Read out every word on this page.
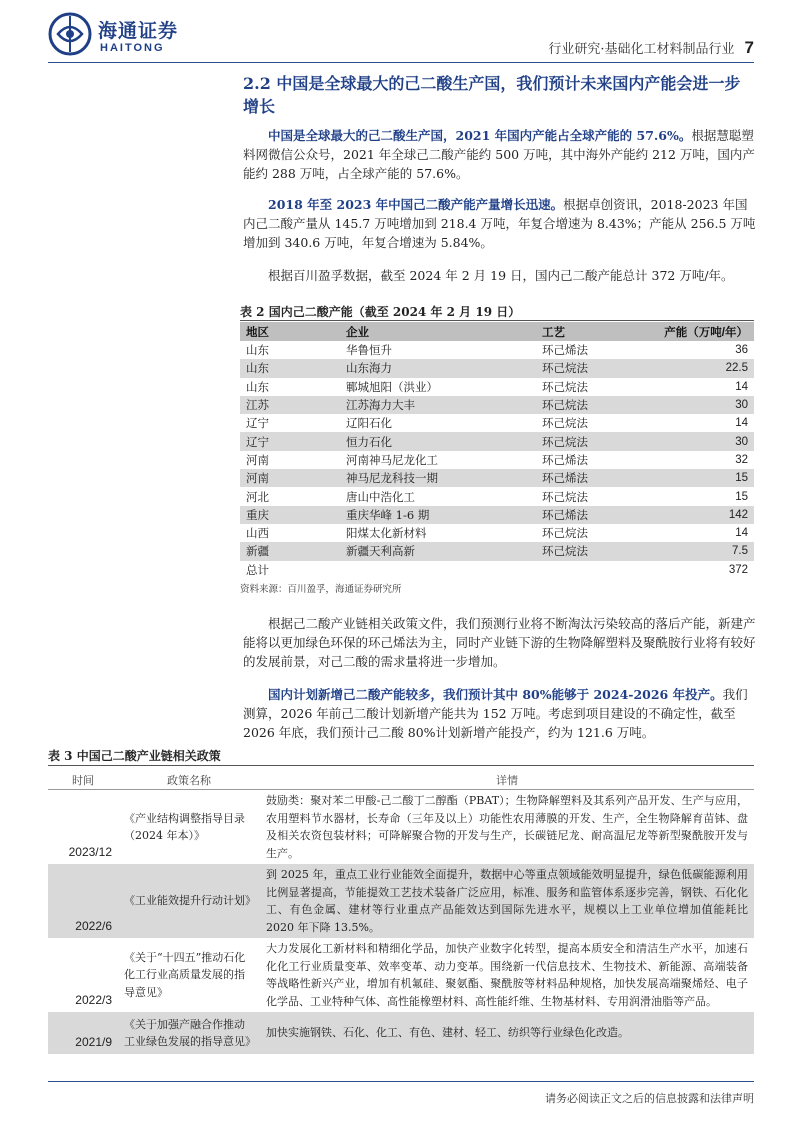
海通证券
HAITONG	行业研究·基础化工材料制品行业 7
2.2 中国是全球最大的己二酸生产国，我们预计未来国内产能会进一步增长
中国是全球最大的己二酸生产国，2021 年国内产能占全球产能的 57.6%。根据慧聪塑料网微信公众号，2021 年全球己二酸产能约 500 万吨，其中海外产能约 212 万吨，国内产能约 288 万吨，占全球产能的 57.6%。
2018 年至 2023 年中国己二酸产能产量增长迅速。根据卓创资讯，2018-2023 年国内己二酸产量从 145.7 万吨增加到 218.4 万吨，年复合增速为 8.43%；产能从 256.5 万吨增加到 340.6 万吨，年复合增速为 5.84%。
根据百川盈孚数据，截至 2024 年 2 月 19 日，国内己二酸产能总计 372 万吨/年。
表 2 国内己二酸产能（截至 2024 年 2 月 19 日）
地区	企业	工艺	产能（万吨/年）
山东	华鲁恒升	环己烯法	36
山东	山东海力	环己烷法	22.5
山东	鄆城旭阳（洪业）	环己烷法	14
江苏	江苏海力大丰	环己烷法	30
辽宁	辽阳石化	环己烷法	14
辽宁	恒力石化	环己烷法	30
河南	河南神马尼龙化工	环己烯法	32
河南	神马尼龙科技一期	环己烯法	15
河北	唐山中浩化工	环己烷法	15
重庆	重庆华峰 1-6 期	环己烯法	142
山西	阳煤太化新材料	环己烷法	14
新疆	新疆天利高新	环己烷法	7.5
总计			372
资料来源：百川盈孚，海通证券研究所
根据己二酸产业链相关政策文件，我们预测行业将不断淘汰污染较高的落后产能，新建产能将以更加绿色环保的环己烯法为主，同时产业链下游的生物降解塑料及聚酰胺行业将有较好的发展前景，对己二酸的需求量将进一步增加。
国内计划新增己二酸产能较多，我们预计其中 80%能够于 2024-2026 年投产。我们测算，2026 年前己二酸计划新增产能共为 152 万吨。考虑到项目建设的不确定性，截至 2026 年底，我们预计己二酸 80%计划新增产能投产，约为 121.6 万吨。
表 3 中国己二酸产业链相关政策
时间	政策名称	详情
2023/12	《产业结构调整指导目录（2024 年本）》	鼓励类：聚对苯二甲酸-己二酸丁二醇酯（PBAT）；生物降解塑料及其系列产品开发、生产与应用，农用塑料节水器材，长寿命（三年及以上）功能性农用薄膜的开发、生产，全生物降解育苗钵、盘及相关农资包装材料；可降解聚合物的开发与生产，长碳链尼龙、耐高温尼龙等新型聚酰胺开发与生产。
2022/6	《工业能效提升行动计划》	到 2025 年，重点工业行业能效全面提升，数据中心等重点领域能效明显提升，绿色低碳能源利用比例显著提高，节能提效工艺技术装备广泛应用，标准、服务和监管体系逐步完善，钢铁、石化化工、有色金属、建材等行业重点产品能效达到国际先进水平，规模以上工业单位增加值能耗比 2020 年下降 13.5%。
2022/3	《关于“十四五”推动石化化工行业高质量发展的指导意见》	大力发展化工新材料和精细化学品，加快产业数字化转型，提高本质安全和清洁生产水平，加速石化化工行业质量变革、效率变革、动力变革。围绕新一代信息技术、生物技术、新能源、高端装备等战略性新兴产业，增加有机氟硅、聚氨酯、聚酰胺等材料品种规格，加快发展高端聚烯烃、电子化学品、工业特种气体、高性能橡塑材料、高性能纤维、生物基材料、专用润滑油脂等产品。
2021/9	《关于加强产融合作推动工业绿色发展的指导意见》	加快实施钢铁、石化、化工、有色、建材、轻工、纺织等行业绿色化改造。
请务必阅读正文之后的信息披露和法律声明
